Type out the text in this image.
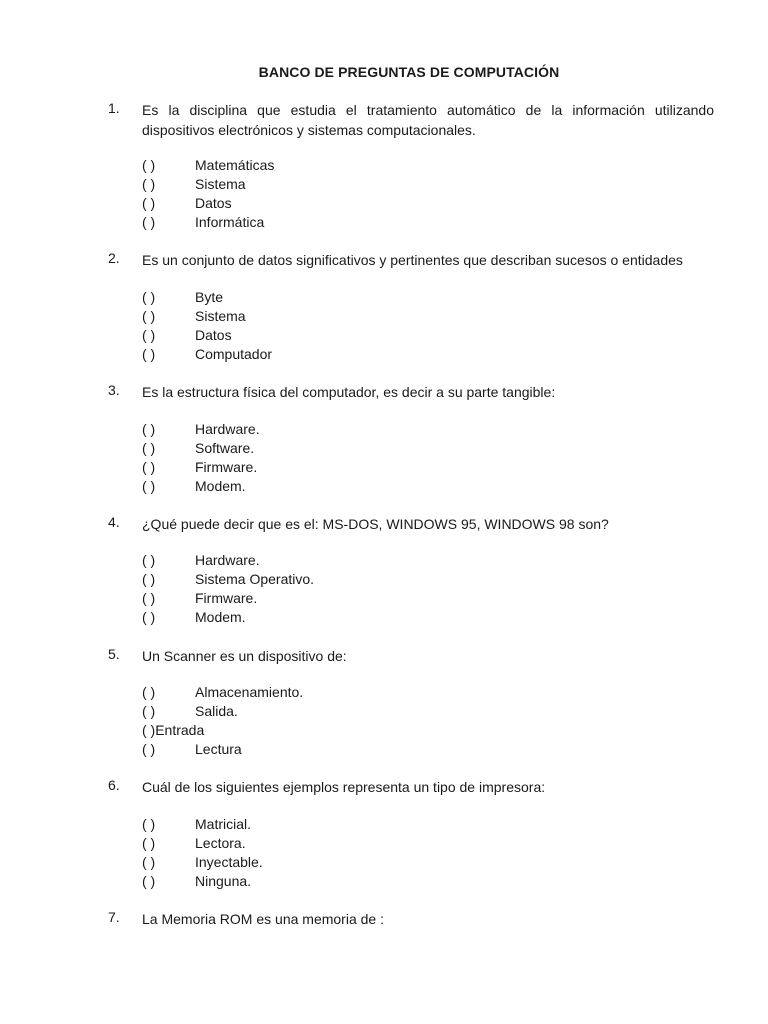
BANCO DE PREGUNTAS DE COMPUTACIÓN
1.	Es la disciplina que estudia el tratamiento automático de la información utilizando dispositivos electrónicos y sistemas computacionales.
( )	Matemáticas
( )	Sistema
( )	Datos
( )	Informática
2.	Es un conjunto de datos significativos y pertinentes que describan sucesos o entidades
( )	Byte
( )	Sistema
( )	Datos
( )	Computador
3.	Es la estructura física del computador, es decir a su parte tangible:
( )	Hardware.
( )	Software.
( )	Firmware.
( )	Modem.
4.	¿Qué puede decir que es el: MS-DOS, WINDOWS 95, WINDOWS 98 son?
( )	Hardware.
( )	Sistema Operativo.
( )	Firmware.
( )	Modem.
5.	Un Scanner es un dispositivo de:
( )	Almacenamiento.
( )	Salida.
( )Entrada
( )	Lectura
6.	Cuál de los siguientes ejemplos representa un tipo de impresora:
( )	Matricial.
( )	Lectora.
( )	Inyectable.
( )	Ninguna.
7.	La Memoria ROM es una memoria de :
